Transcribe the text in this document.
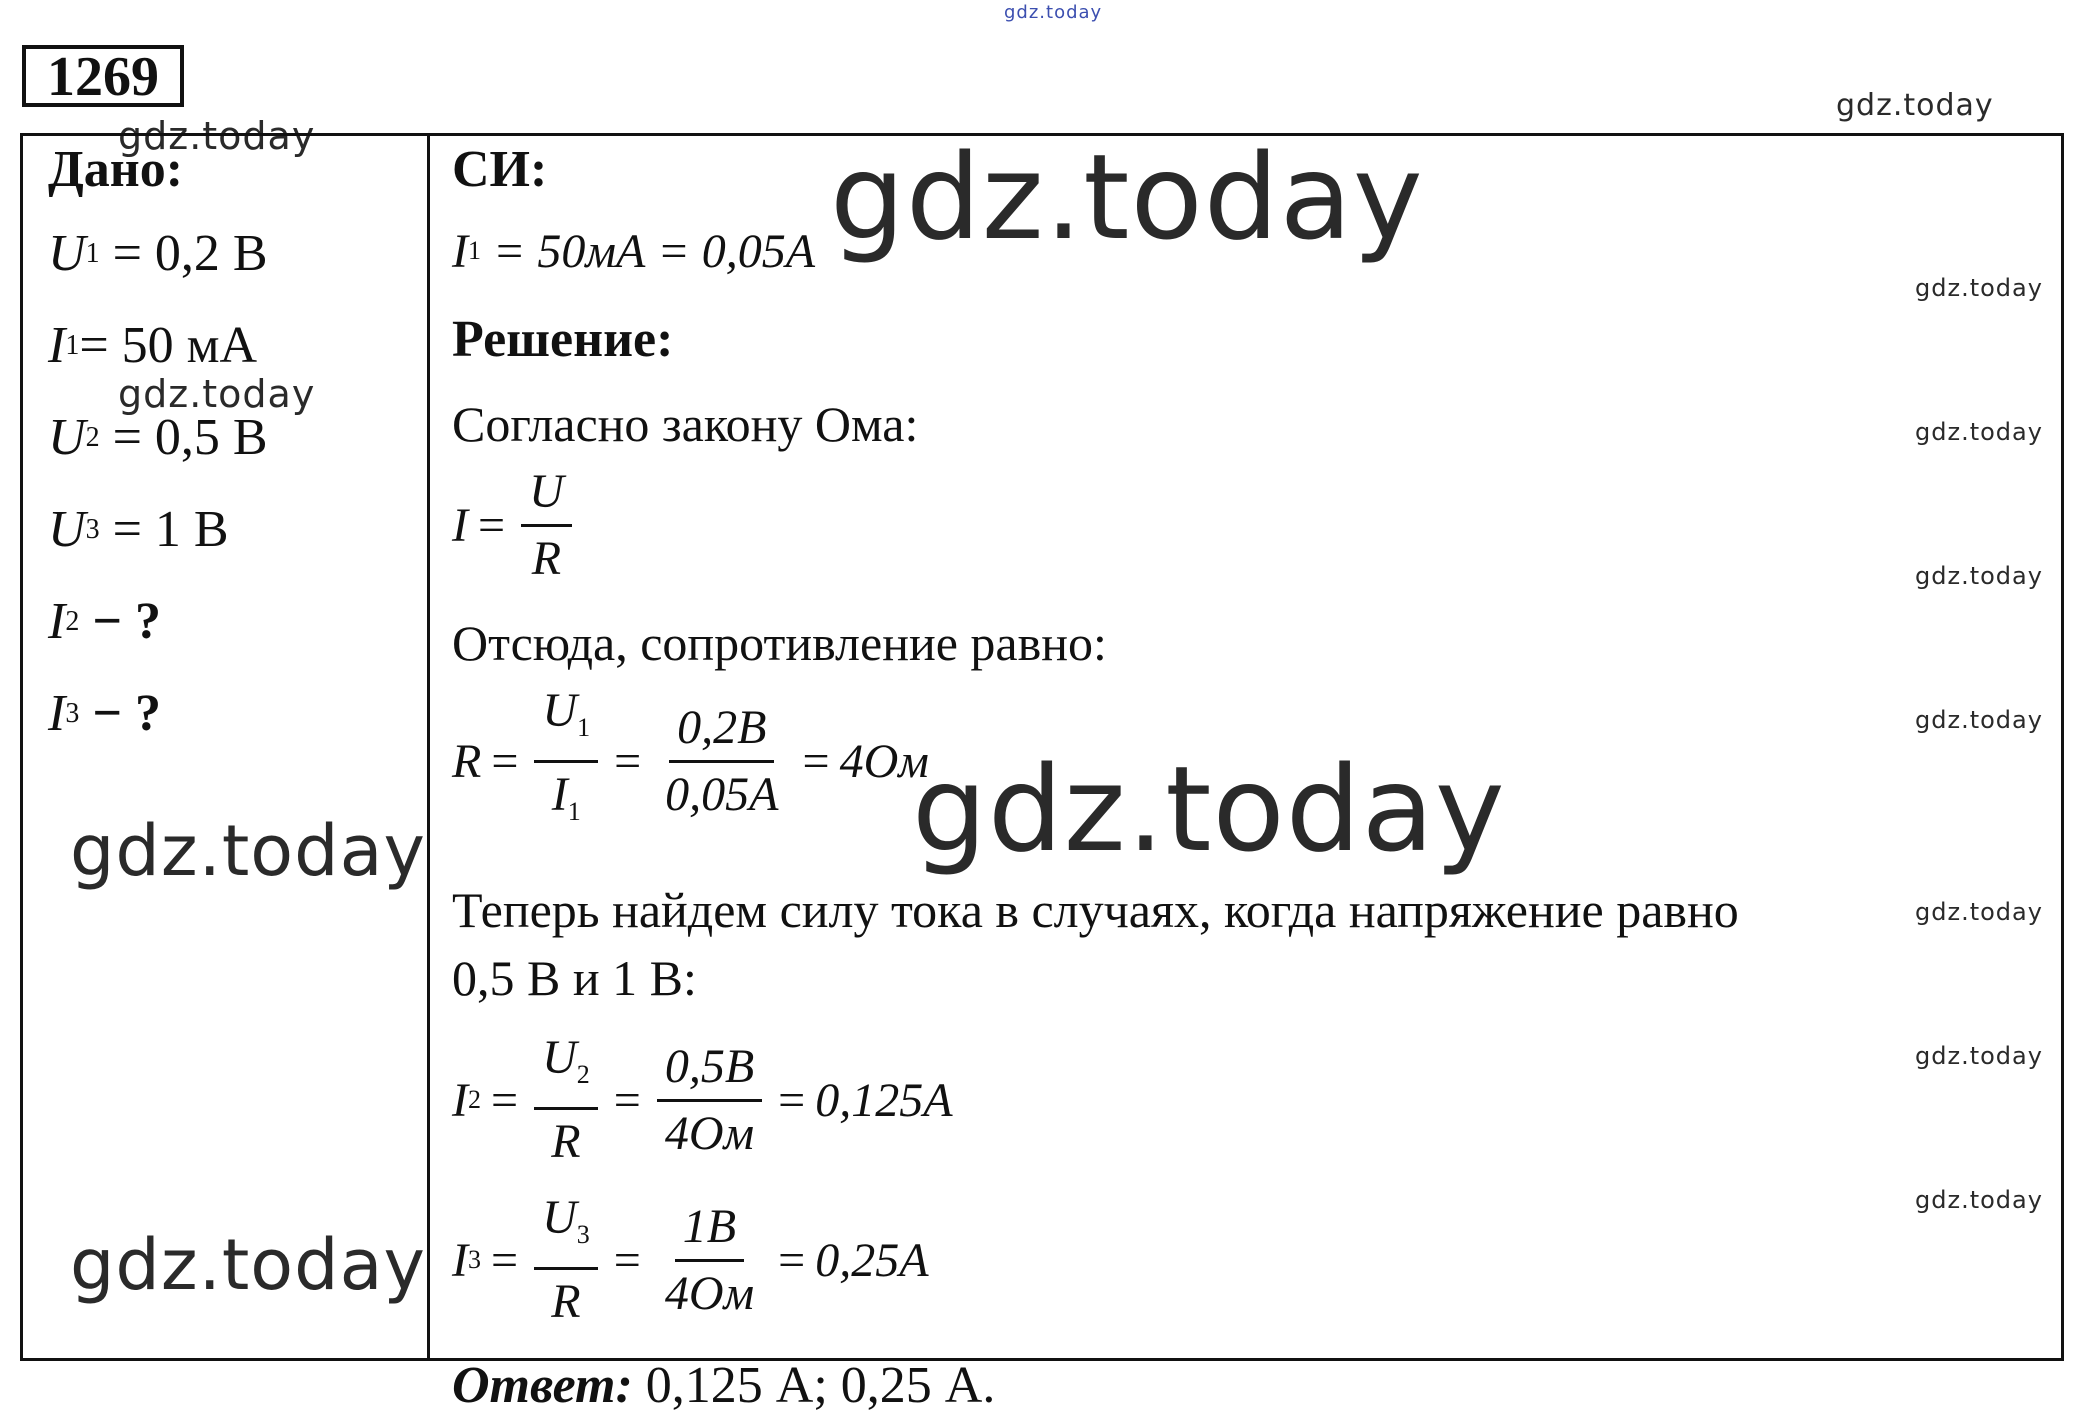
gdz.today
gdz.today
gdz.today	gdz.today
gdz.today
gdz.today
gdz.today
gdz.today
gdz.today
gdz.today
gdz.today
gdz.today
gdz.today
gdz.today
gdz.today
1269
Дано:
U 1 = 0,2 В
I 1 = 50 мА
U 2 = 0,5 В
U 3 = 1 В
I 2 − ?
I 3 − ?
СИ:
I 1 = 50мА = 0,05А
Решение:
Согласно закону Ома:
$I = \frac{U}{R}$
Отсюда, сопротивление равно:
$R = \frac{U_1}{I_1} = \frac{0,2В}{0,05А} = 4Ом$
Теперь найдем силу тока в случаях, когда напряжение равно
0,5 В и 1 В:
I $2 = \frac{U_2}{R} = \frac{0,5В}{4Ом} = 0,125А$
I $3 = \frac{U_3}{R} = \frac{1В}{4Ом} = 0,25А$
Ответ: 0,125 А; 0,25 А.
